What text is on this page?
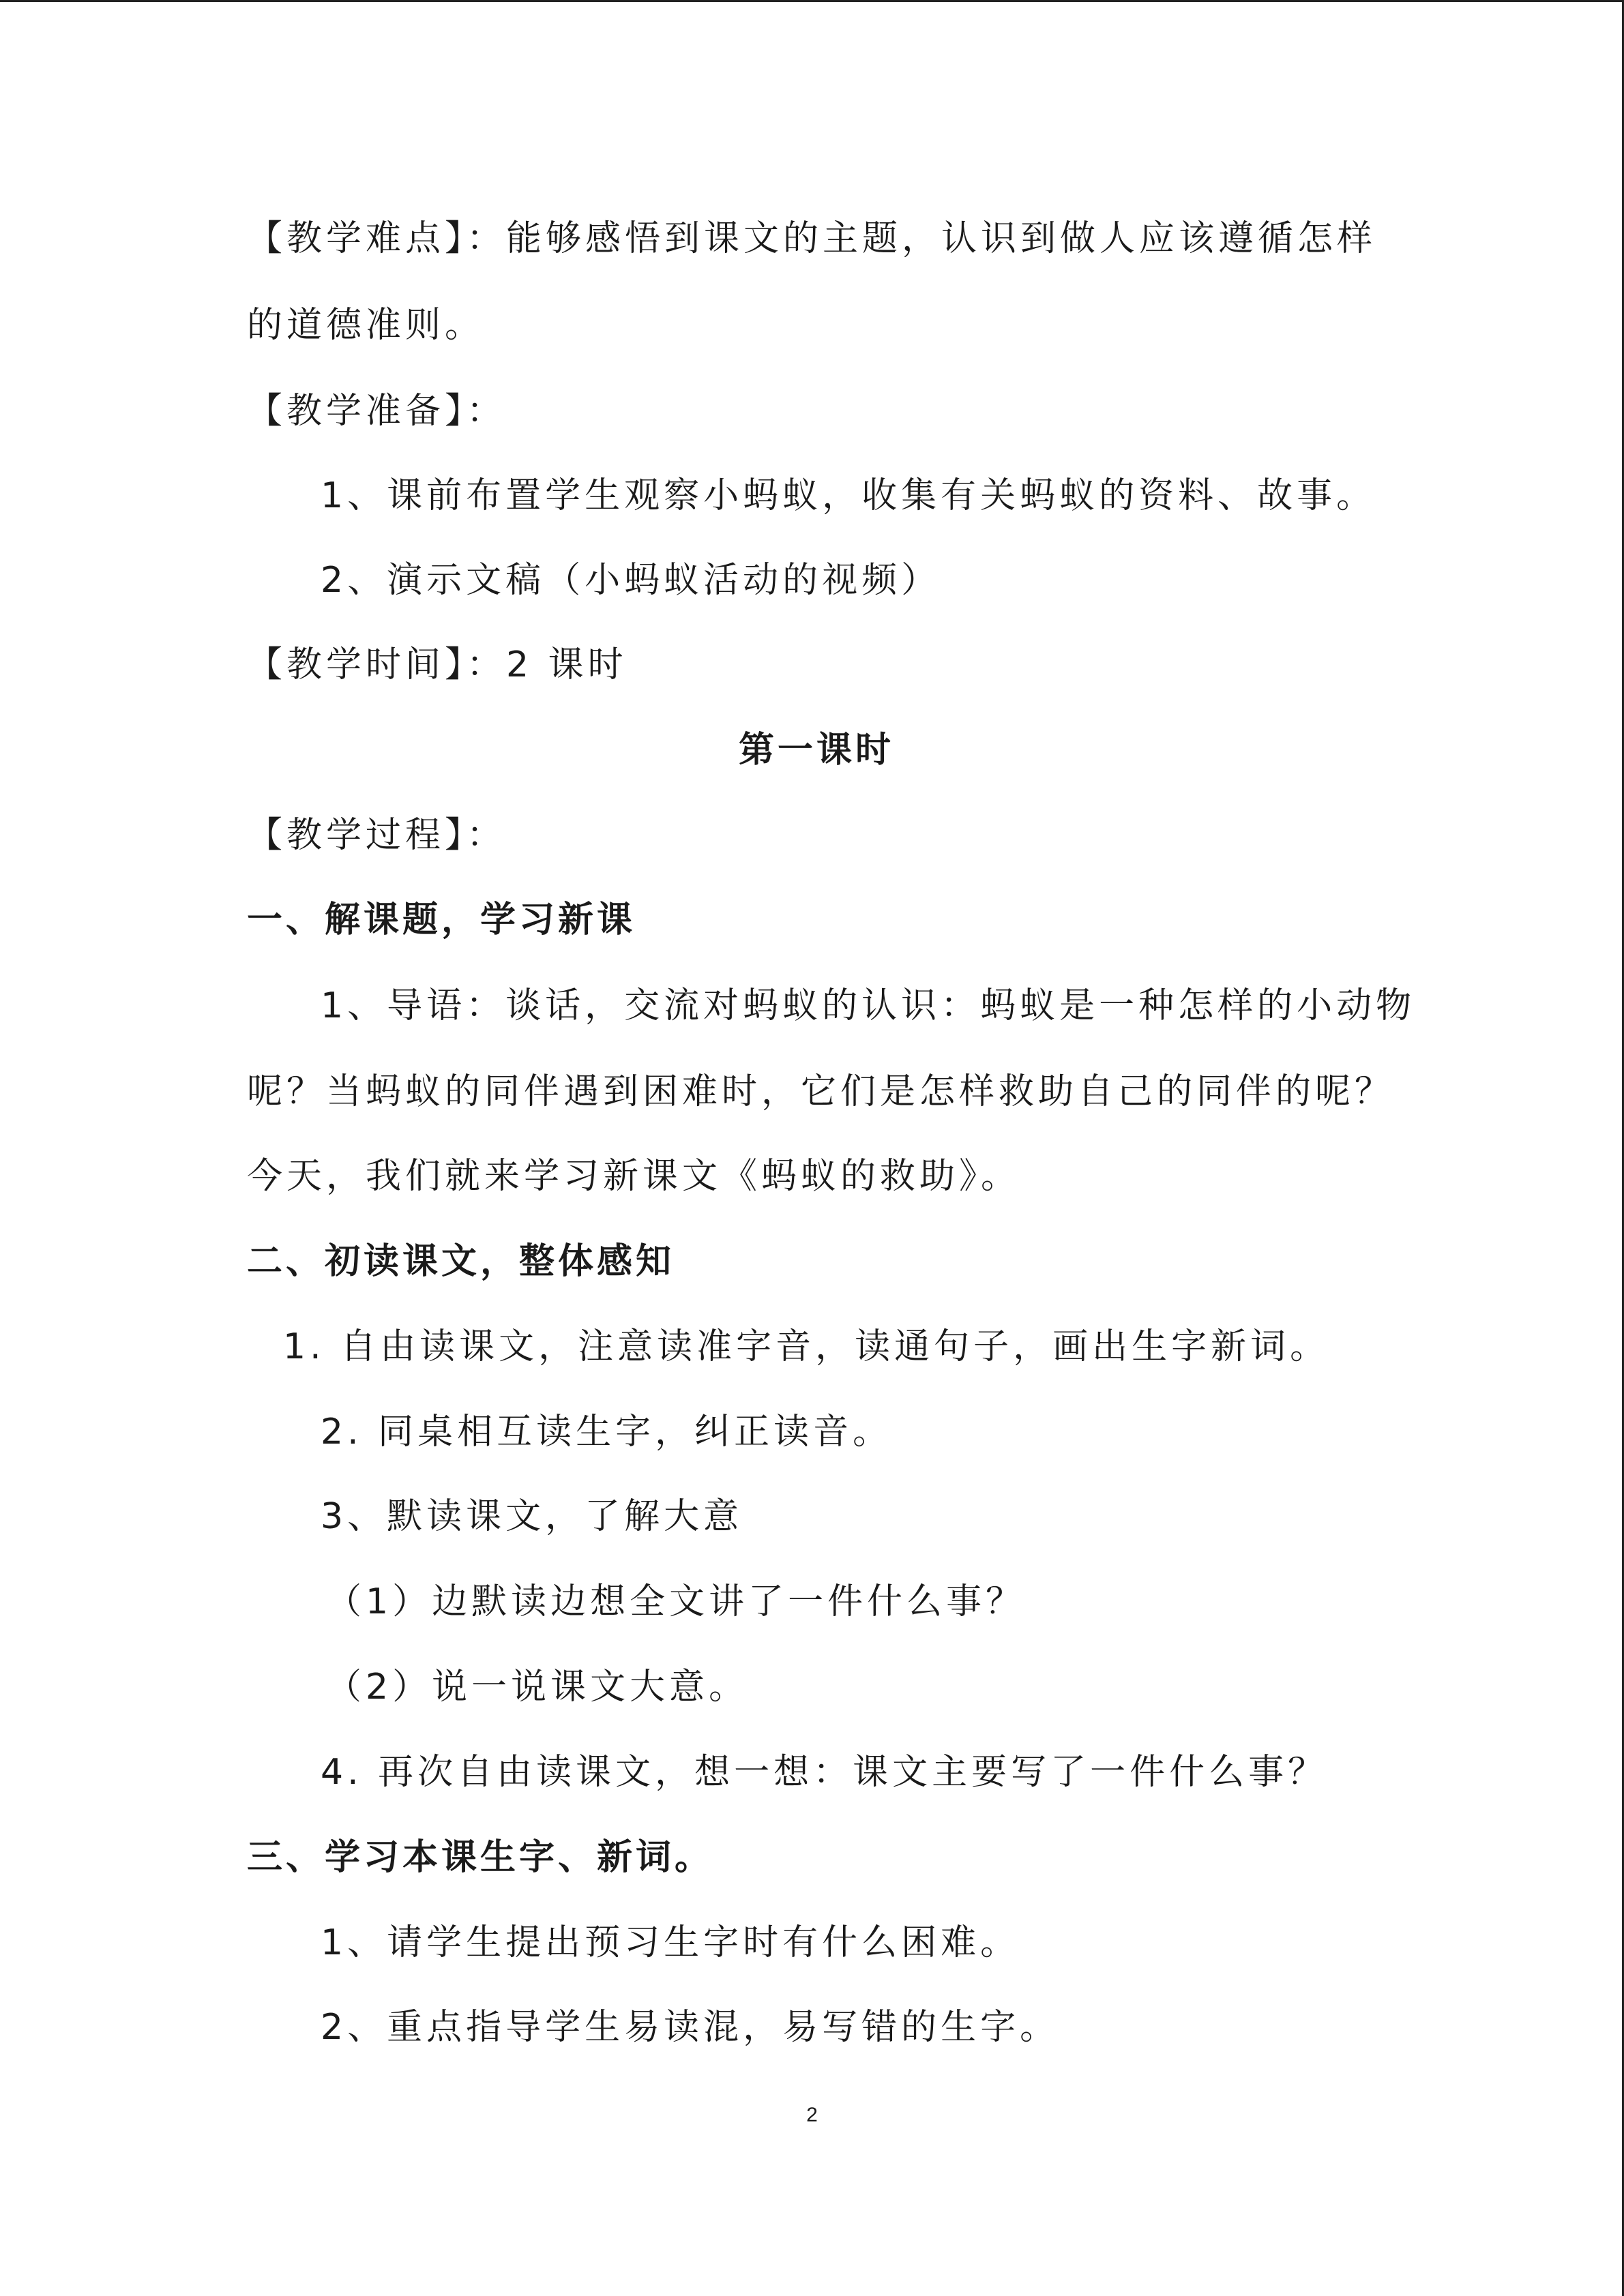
【教学难点】：能够感悟到课文的主题，认识到做人应该遵循怎样
的道德准则。
【教学准备】：
1、课前布置学生观察小蚂蚁，收集有关蚂蚁的资料、故事。
2、演示文稿（小蚂蚁活动的视频）
【教学时间】：2 课时
第一课时
【教学过程】：
一、解课题，学习新课
1、导语：谈话，交流对蚂蚁的认识：蚂蚁是一种怎样的小动物
呢？当蚂蚁的同伴遇到困难时，它们是怎样救助自己的同伴的呢？
今天，我们就来学习新课文《蚂蚁的救助》。
二、初读课文，整体感知
1. 自由读课文，注意读准字音，读通句子，画出生字新词。
2. 同桌相互读生字，纠正读音。
3、默读课文，了解大意
（1）边默读边想全文讲了一件什么事？
（2）说一说课文大意。
4. 再次自由读课文，想一想：课文主要写了一件什么事？
三、学习本课生字、新词。
1、请学生提出预习生字时有什么困难。
2、重点指导学生易读混，易写错的生字。
2
